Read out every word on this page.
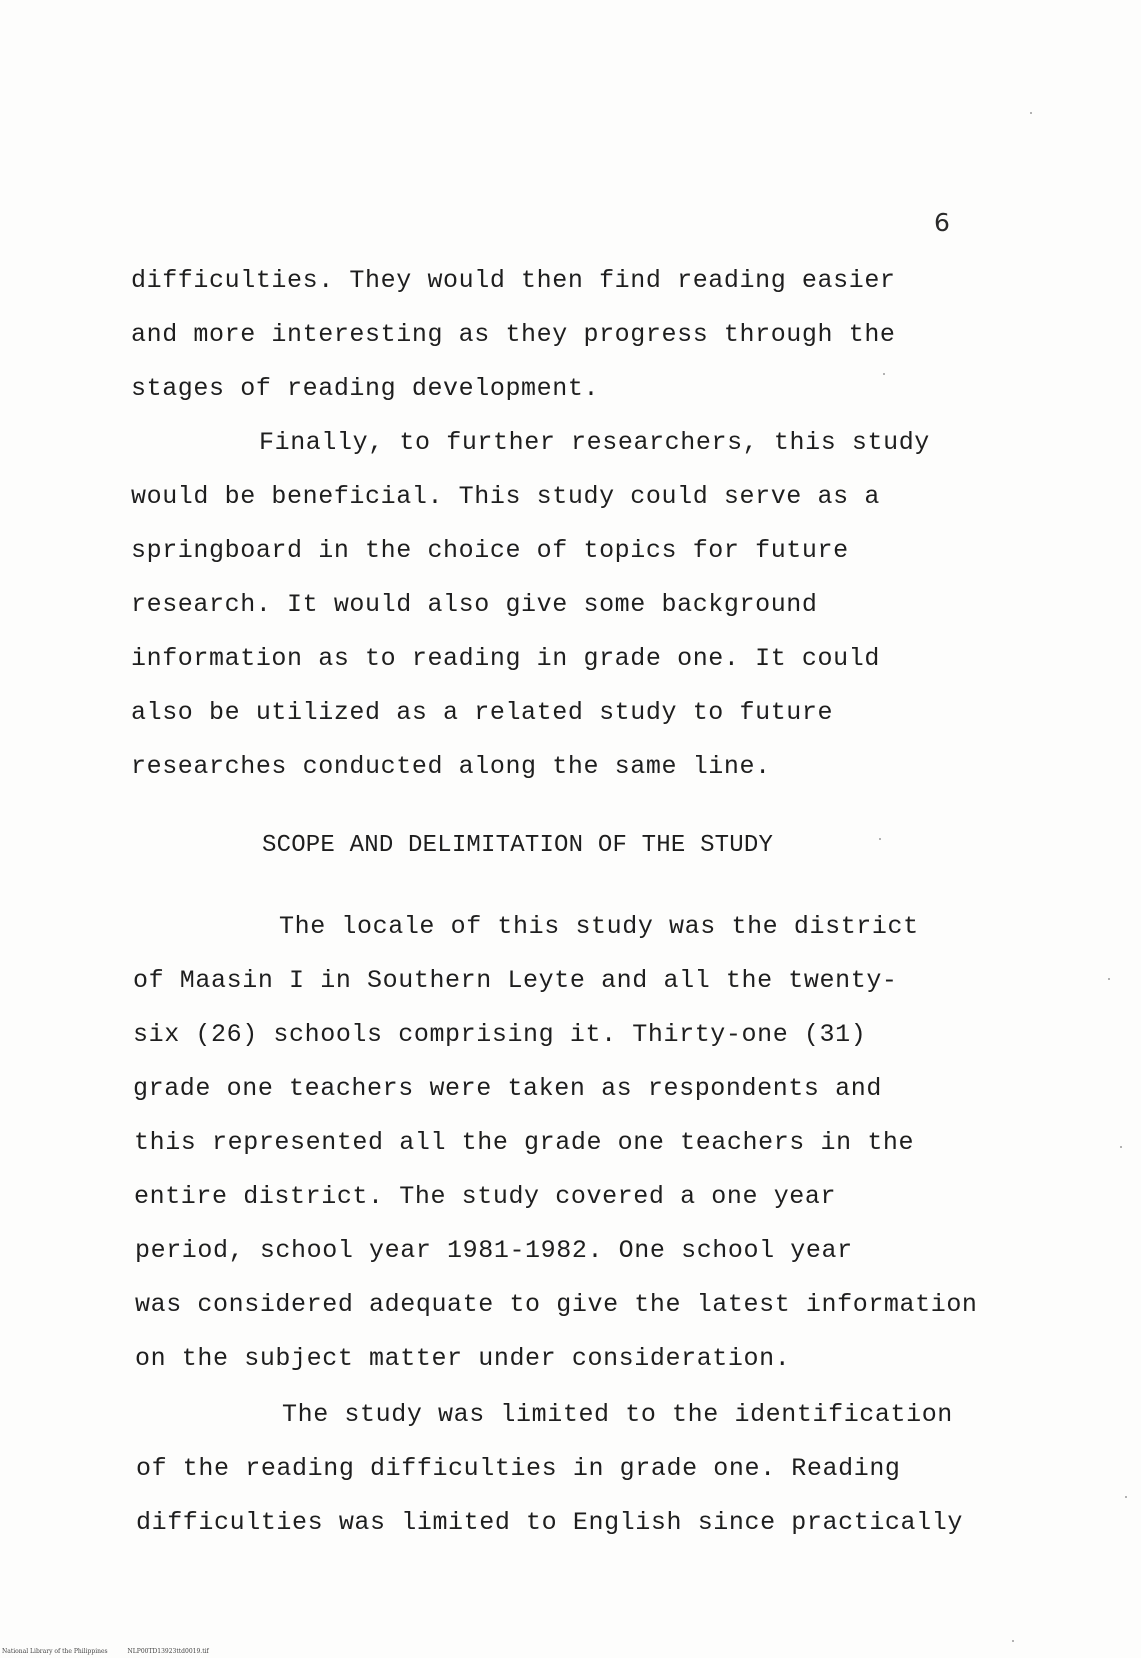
6
difficulties. They would then find reading easier
and more interesting as they progress through the
stages of reading development.
Finally, to further researchers, this study
would be beneficial. This study could serve as a
springboard in the choice of topics for future
research. It would also give some background
information as to reading in grade one. It could
also be utilized as a related study to future
researches conducted along the same line.
SCOPE AND DELIMITATION OF THE STUDY
The locale of this study was the district
of Maasin I in Southern Leyte and all the twenty-
six (26) schools comprising it. Thirty-one (31)
grade one teachers were taken as respondents and
this represented all the grade one teachers in the
entire district. The study covered a one year
period, school year 1981-1982. One school year
was considered adequate to give the latest information
on the subject matter under consideration.
The study was limited to the identification
of the reading difficulties in grade one. Reading
difficulties was limited to English since practically
National Library of the Philippines	NLP00TD13923ttd0019.tif
